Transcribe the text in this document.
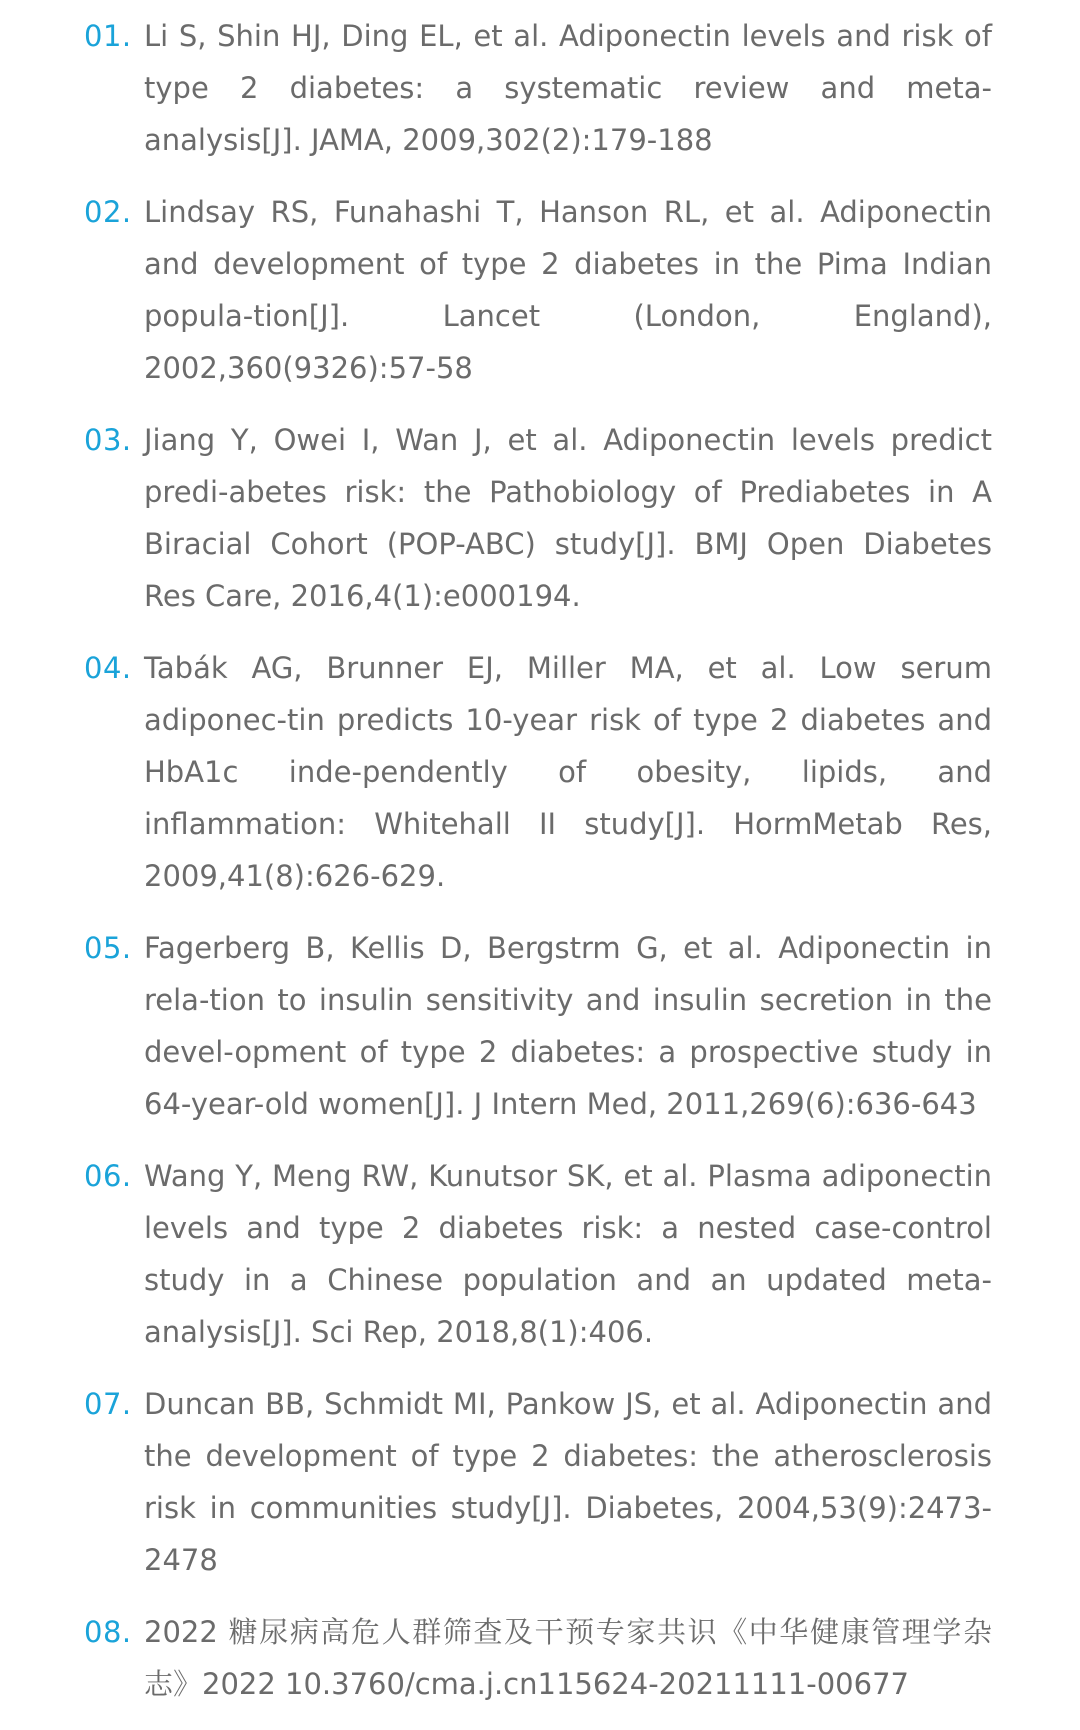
01. Li S, Shin HJ, Ding EL, et al. Adiponectin levels and risk of type 2 diabetes: a systematic review and meta-analysis[J]. JAMA, 2009,302(2):179-188
02. Lindsay RS, Funahashi T, Hanson RL, et al. Adiponectin and development of type 2 diabetes in the Pima Indian popula-tion[J]. Lancet (London, England), 2002,360(9326):57-58
03. Jiang Y, Owei I, Wan J, et al. Adiponectin levels predict predi-abetes risk: the Pathobiology of Prediabetes in A Biracial Cohort (POP-ABC) study[J]. BMJ Open Diabetes Res Care, 2016,4(1):e000194.
04. Tabák AG, Brunner EJ, Miller MA, et al. Low serum adiponec-tin predicts 10-year risk of type 2 diabetes and HbA1c inde-pendently of obesity, lipids, and inflammation: Whitehall II study[J]. HormMetab Res, 2009,41(8):626-629.
05. Fagerberg B, Kellis D, Bergstrm G, et al. Adiponectin in rela-tion to insulin sensitivity and insulin secretion in the devel-opment of type 2 diabetes: a prospective study in 64-year-old women[J]. J Intern Med, 2011,269(6):636-643
06. Wang Y, Meng RW, Kunutsor SK, et al. Plasma adiponectin levels and type 2 diabetes risk: a nested case-control study in a Chinese population and an updated meta-analysis[J]. Sci Rep, 2018,8(1):406.
07. Duncan BB, Schmidt MI, Pankow JS, et al. Adiponectin and the development of type 2 diabetes: the atherosclerosis risk in communities study[J]. Diabetes, 2004,53(9):2473-2478
08. 2022 糖尿病高危人群筛查及干预专家共识《中华健康管理学杂志》2022 10.3760/cma.j.cn115624-20211111-00677
